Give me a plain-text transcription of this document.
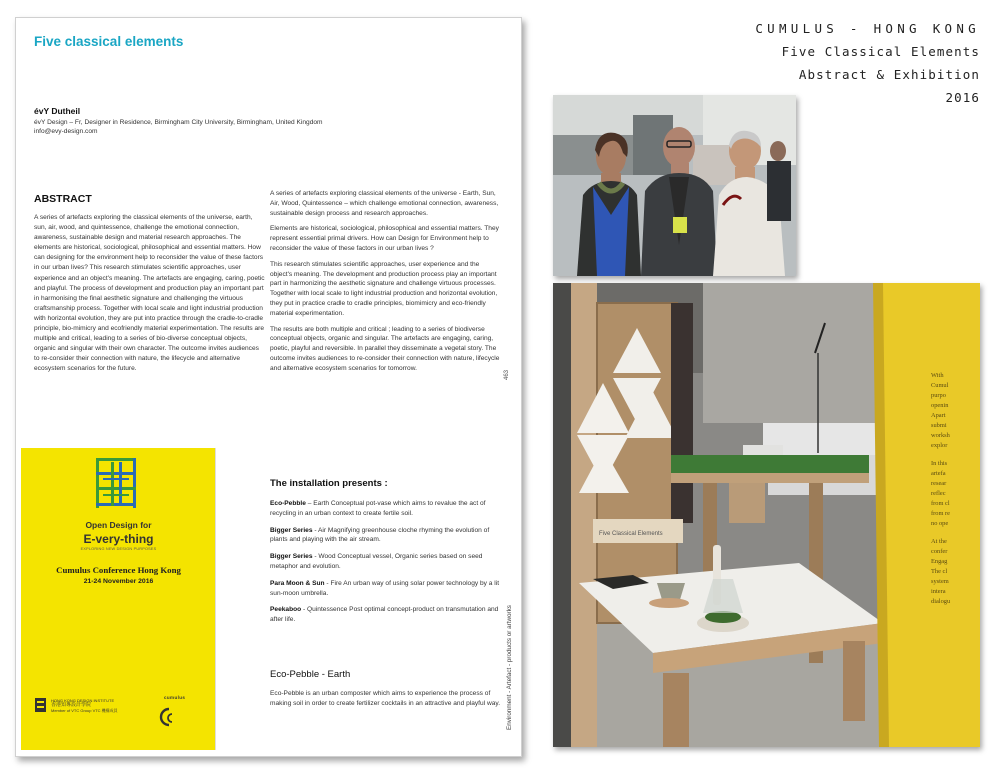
Five classical elements
évY Dutheil
évY Design – Fr, Designer in Residence, Birmingham City University, Birmingham, United Kingdom
info@evy-design.com
ABSTRACT
A series of artefacts exploring the classical elements of the universe, earth, sun, air, wood, and quintessence, challenge the emotional connection, awareness, sustainable design and material research approaches. The elements are historical, sociological, philosophical and essential matters. How can designing for the environment help to reconsider the value of these factors in our urban lives? This research stimulates scientific approaches, user experience and an object's meaning. The artefacts are engaging, caring, poetic and playful. The process of development and production play an important part in harmonising the final aesthetic signature and challenging the virtuous craftsmanship process. Together with local scale and light industrial production with horizontal evolution, they are put into practice through the cradle-to-cradle principle, bio-mimicry and ecofriendly material experimentation. The results are multiple and critical, leading to a series of bio-diverse conceptual objects, organic and singular with their own character. The outcome invites audiences to re-consider their connection with nature, the lifecycle and alternative ecosystem scenarios for the future.

A series of artefacts exploring classical elements of the universe - Earth, Sun, Air, Wood, Quintessence – which challenge emotional connection, awareness, sustainable design process and research approaches.

Elements are historical, sociological, philosophical and essential matters. They represent essential primal drivers. How can Design for Environment help to reconsider the value of these factors in our urban lives ?

This research stimulates scientific approaches, user experience and the object's meaning. The development and production process play an important part in harmonizing the aesthetic signature and challenge virtuous processes. Together with local scale to light industrial production and horizontal evolution, they put in practice cradle to cradle principles, biomimicry and eco-friendly material experimentation.

The results are both multiple and critical ; leading to a series of biodiverse conceptual objects, organic and singular. The artefacts are engaging, caring, poetic, playful and reversible. In parallel they disseminate a vegetal story. The outcome invites audiences to re-consider their connection with nature, lifecycle and alternative ecosystem scenarios for tomorrow.

The installation presents :
Eco-Pebble – Earth Conceptual pot-vase which aims to revalue the act of recycling in an urban context to create fertile soil.
Bigger Series - Air Magnifying greenhouse cloche rhyming the evolution of plants and playing with the air stream.
Bigger Series - Wood Conceptual vessel, Organic series based on seed metaphor and evolution.
Para Moon & Sun - Fire An urban way of using solar power technology by a lit sun-moon umbrella.
Peekaboo - Quintessence Post optimal concept-product on transmutation and after life.
Eco-Pebble - Earth
Eco-Pebble is an urban composter which aims to experience the process of making soil in order to create fertilizer cocktails in an attractive and playful way.
463
Environment - Artefact - products or artworks
Open Design for
E-very-thing
EXPLORING NEW DESIGN PURPOSES
Cumulus Conference Hong Kong
21-24 November 2016
HONG KONG DESIGN INSTITUTE
香港知專設計學院
Member of VTC Group VTC 機構成員
cumulus
CUMULUS - HONG KONG
Five Classical Elements
Abstract & Exhibition
2016
Five Classical Elements
With
Cumul
purpo
openin
Apart
submi
worksh
explor
In this
artefa
resear
reflec
from cl
from re
no ope
At the
confer
Engag
The cl
system
intera
dialogu
